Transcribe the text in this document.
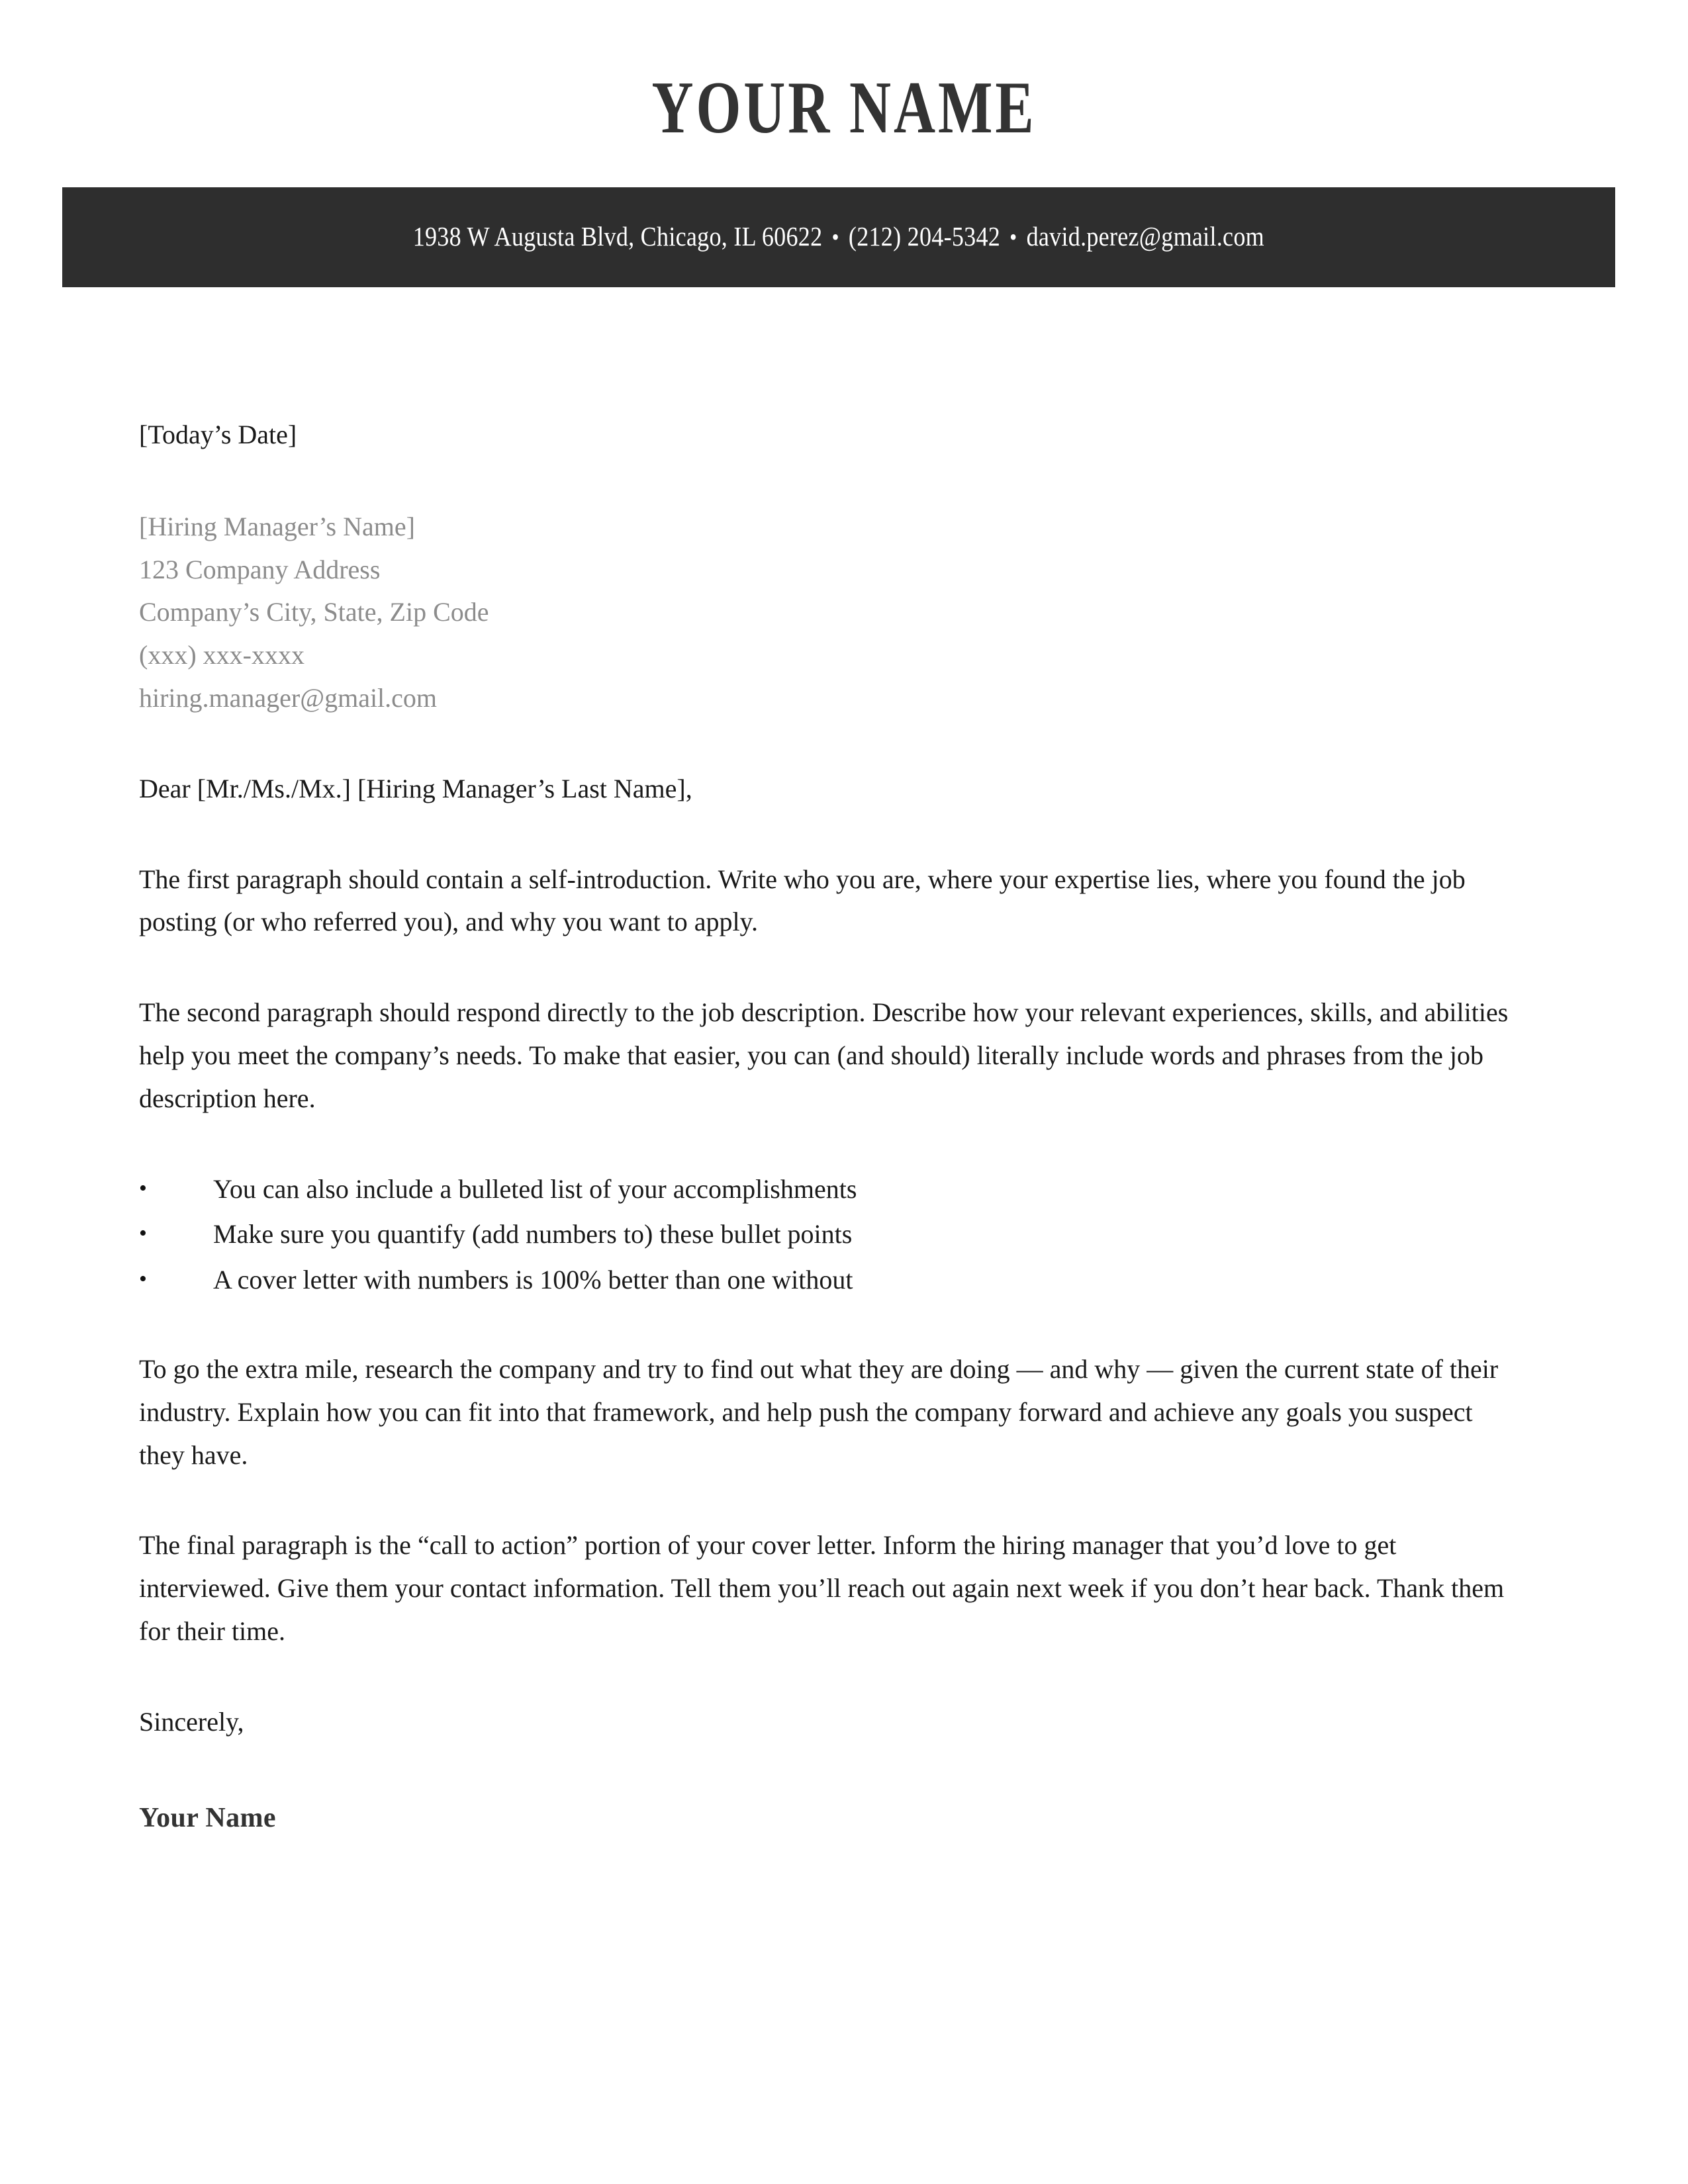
YOUR NAME
1938 W Augusta Blvd, Chicago, IL 60622 • (212) 204-5342 • david.perez@gmail.com

[Today’s Date]

[Hiring Manager’s Name]

123 Company Address

Company’s City, State, Zip Code

(xxx) xxx-xxxx

hiring.manager@gmail.com

Dear [Mr./Ms./Mx.] [Hiring Manager’s Last Name],

The first paragraph should contain a self-introduction. Write who you are, where your expertise lies, where you found the job posting (or who referred you), and why you want to apply.

The second paragraph should respond directly to the job description. Describe how your relevant experiences, skills, and abilities help you meet the company’s needs. To make that easier, you can (and should) literally include words and phrases from the job description here.

•	You can also include a bulleted list of your accomplishments
•	Make sure you quantify (add numbers to) these bullet points
•	A cover letter with numbers is 100% better than one without

To go the extra mile, research the company and try to find out what they are doing — and why — given the current state of their industry. Explain how you can fit into that framework, and help push the company forward and achieve any goals you suspect they have.

The final paragraph is the “call to action” portion of your cover letter. Inform the hiring manager that you’d love to get interviewed. Give them your contact information. Tell them you’ll reach out again next week if you don’t hear back. Thank them for their time.

Sincerely,

Your Name
